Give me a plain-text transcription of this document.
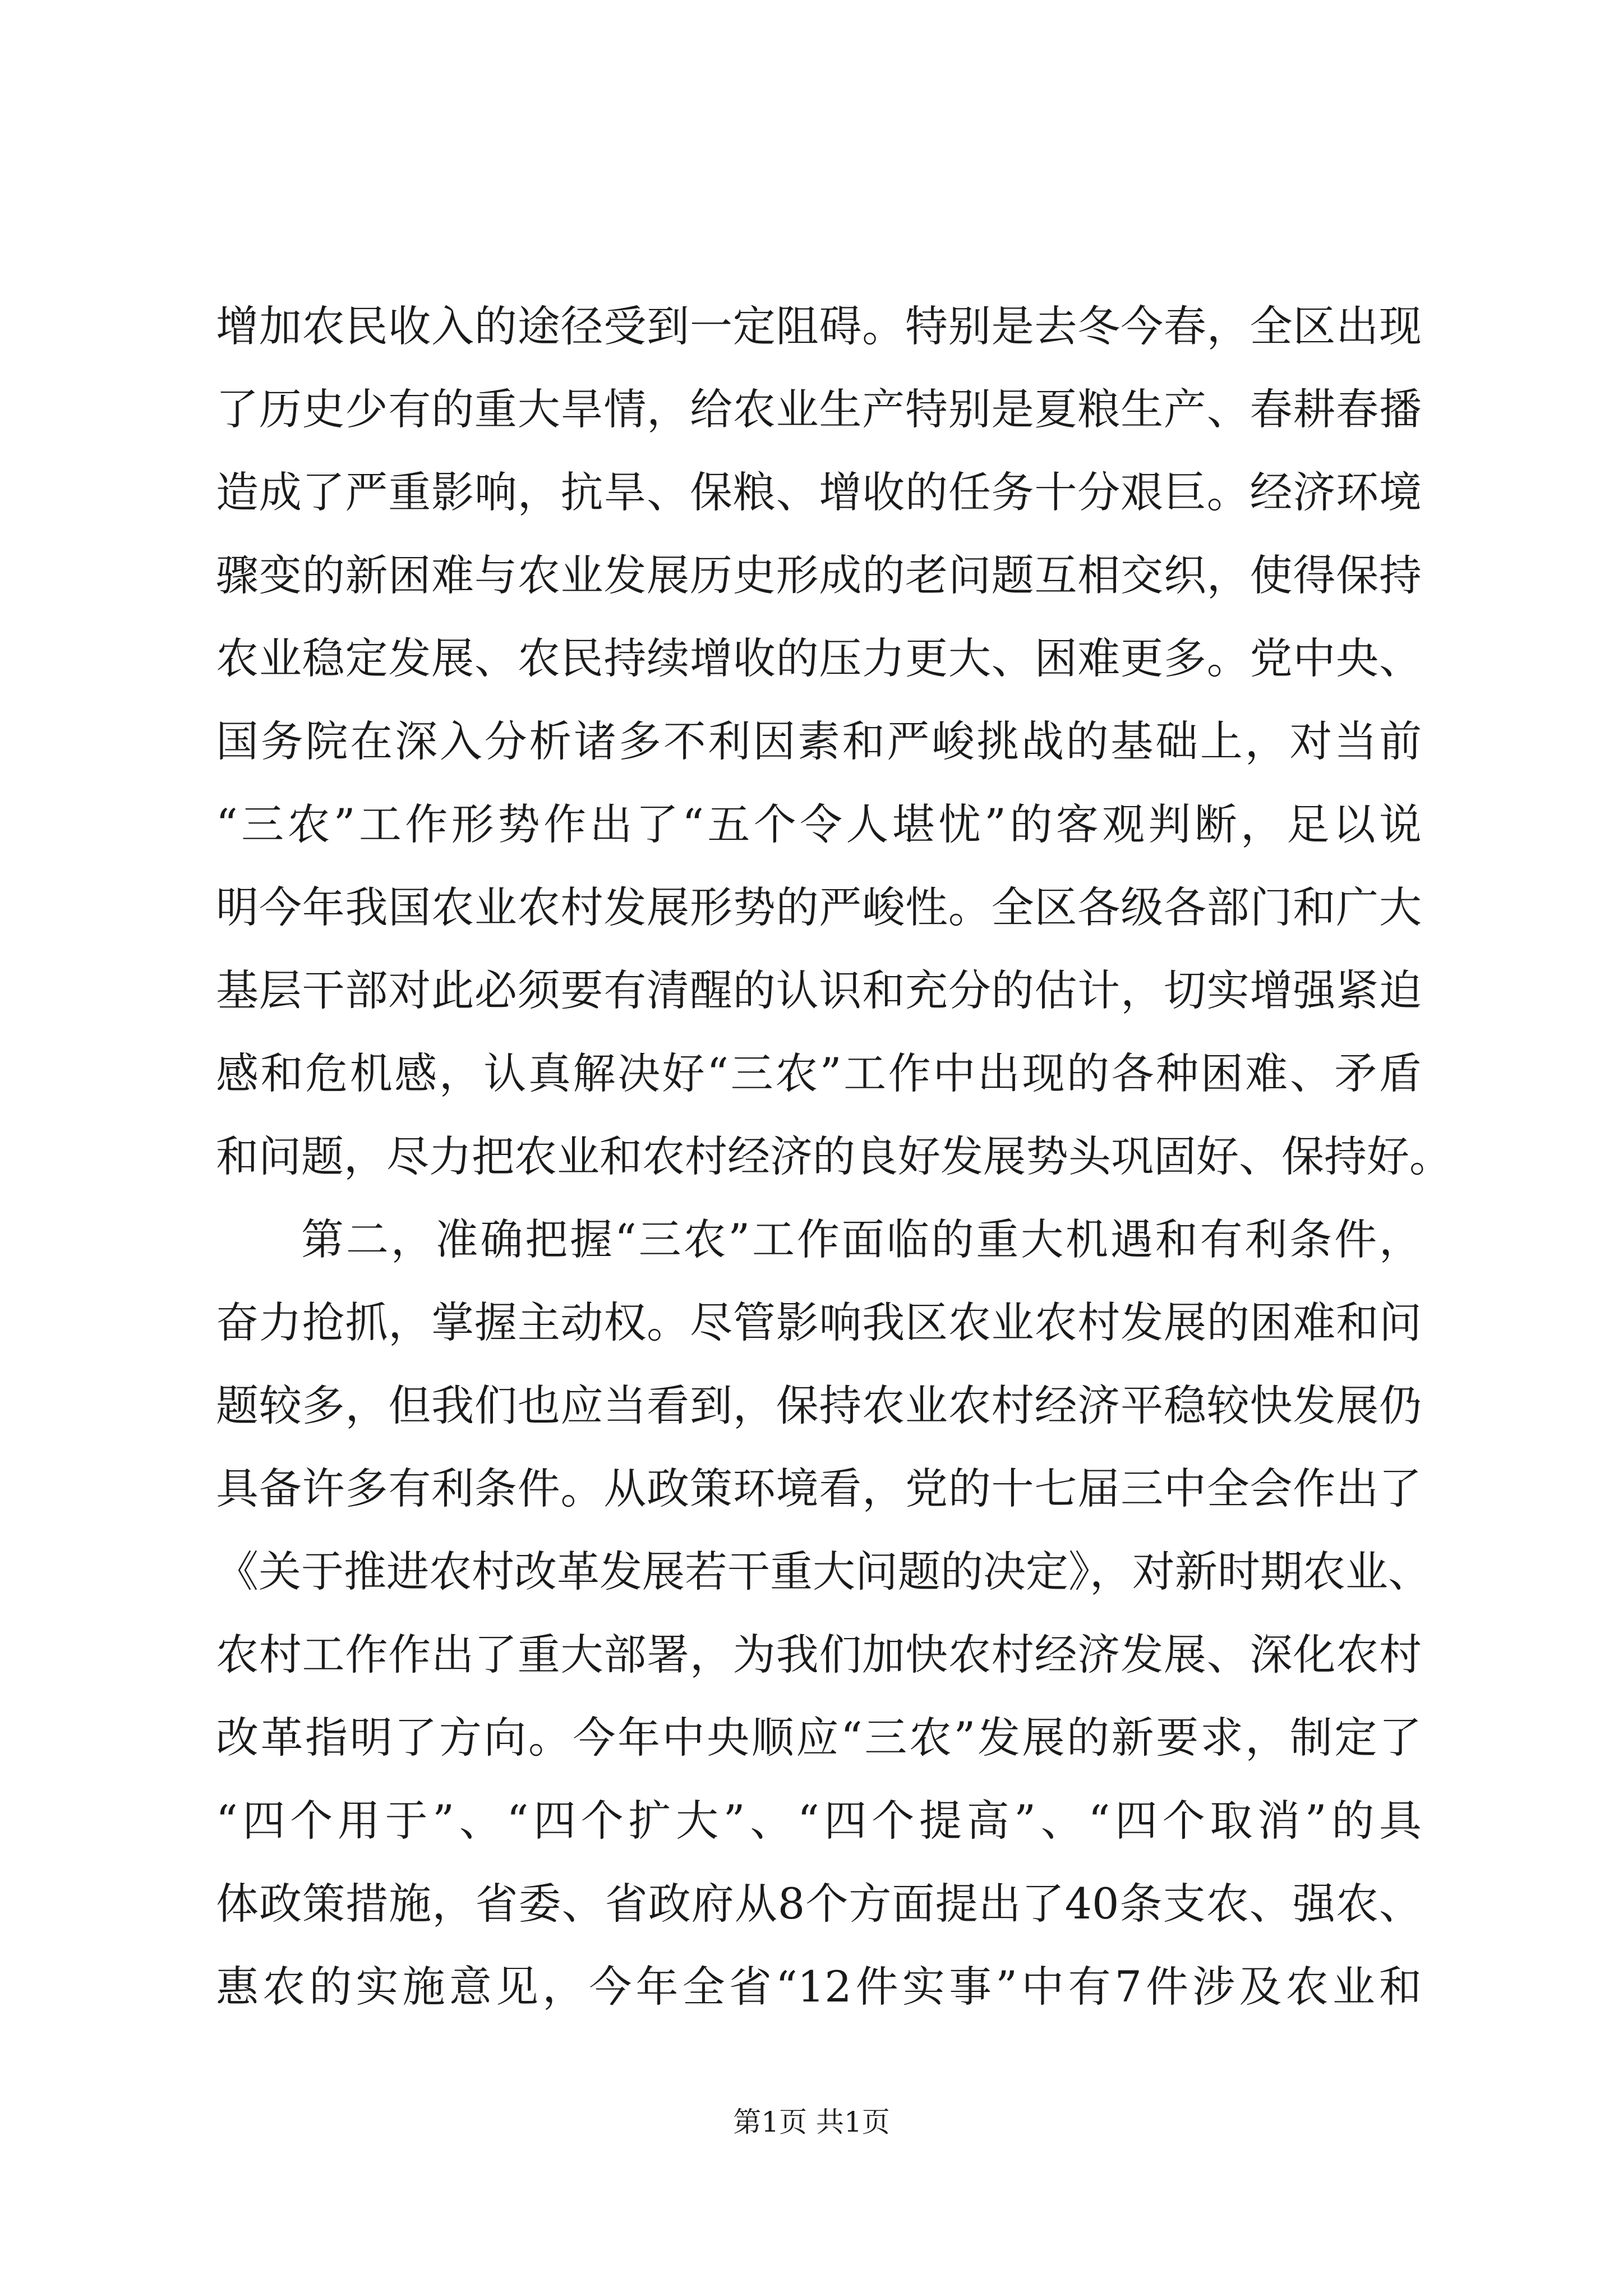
增加农民收入的途径受到一定阻碍。特别是去冬今春，全区出现
了历史少有的重大旱情，给农业生产特别是夏粮生产、春耕春播
造成了严重影响，抗旱、保粮、增收的任务十分艰巨。经济环境
骤变的新困难与农业发展历史形成的老问题互相交织，使得保持
农业稳定发展、农民持续增收的压力更大、困难更多。党中央、
国务院在深入分析诸多不利因素和严峻挑战的基础上，对当前
“三农”工作形势作出了“五个令人堪忧”的客观判断，足以说
明今年我国农业农村发展形势的严峻性。全区各级各部门和广大
基层干部对此必须要有清醒的认识和充分的估计，切实增强紧迫
感和危机感，认真解决好“三农”工作中出现的各种困难、矛盾
和问题，尽力把农业和农村经济的良好发展势头巩固好、保持好。
第二，准确把握“三农”工作面临的重大机遇和有利条件，
奋力抢抓，掌握主动权。尽管影响我区农业农村发展的困难和问
题较多，但我们也应当看到，保持农业农村经济平稳较快发展仍
具备许多有利条件。从政策环境看，党的十七届三中全会作出了
《关于推进农村改革发展若干重大问题的决定》，对新时期农业、
农村工作作出了重大部署，为我们加快农村经济发展、深化农村
改革指明了方向。今年中央顺应“三农”发展的新要求，制定了
“四个用于”、“四个扩大”、“四个提高”、“四个取消”的具
体政策措施，省委、省政府从8个方面提出了40条支农、强农、
惠农的实施意见，今年全省“12件实事”中有7件涉及农业和
第1页 共1页
